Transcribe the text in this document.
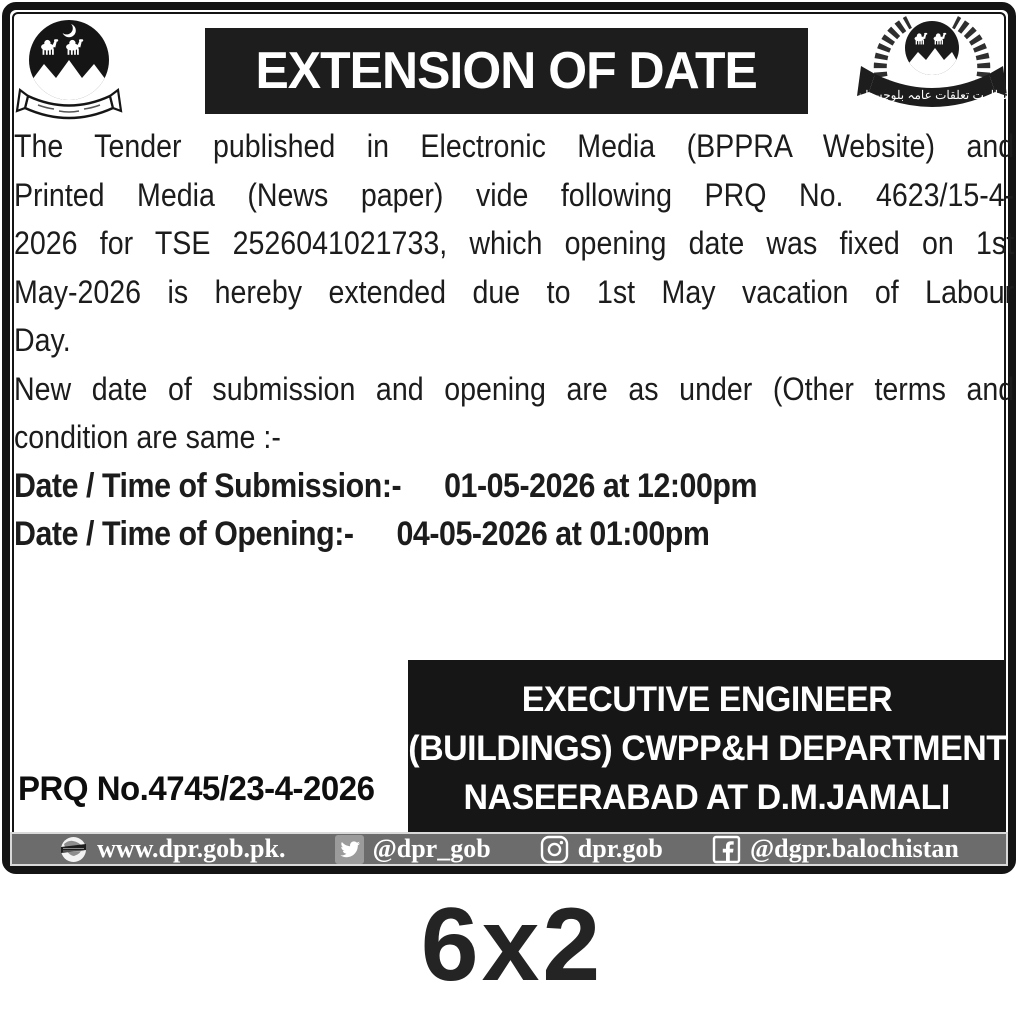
EXTENSION OF DATE	نظامت تعلقات عامہ بلوچستان
The Tender published in Electronic Media (BPPRA Website) and
Printed Media (News paper) vide following PRQ No. 4623/15-4-
2026 for TSE 2526041021733, which opening date was fixed on 1st
May-2026 is hereby extended due to 1st May vacation of Labour
Day.
New date of submission and opening are as under (Other terms and
condition are same :-
Date / Time of Submission:- 01-05-2026 at 12:00pm
Date / Time of Opening:- 04-05-2026 at 01:00pm
EXECUTIVE ENGINEER
(BUILDINGS) CWPP&H DEPARTMENT
NASEERABAD AT D.M.JAMALI
PRQ No.4745/23-4-2026
www.dpr.gob.pk.	@dpr_gob	dpr.gob	@dgpr.balochistan
6x2
